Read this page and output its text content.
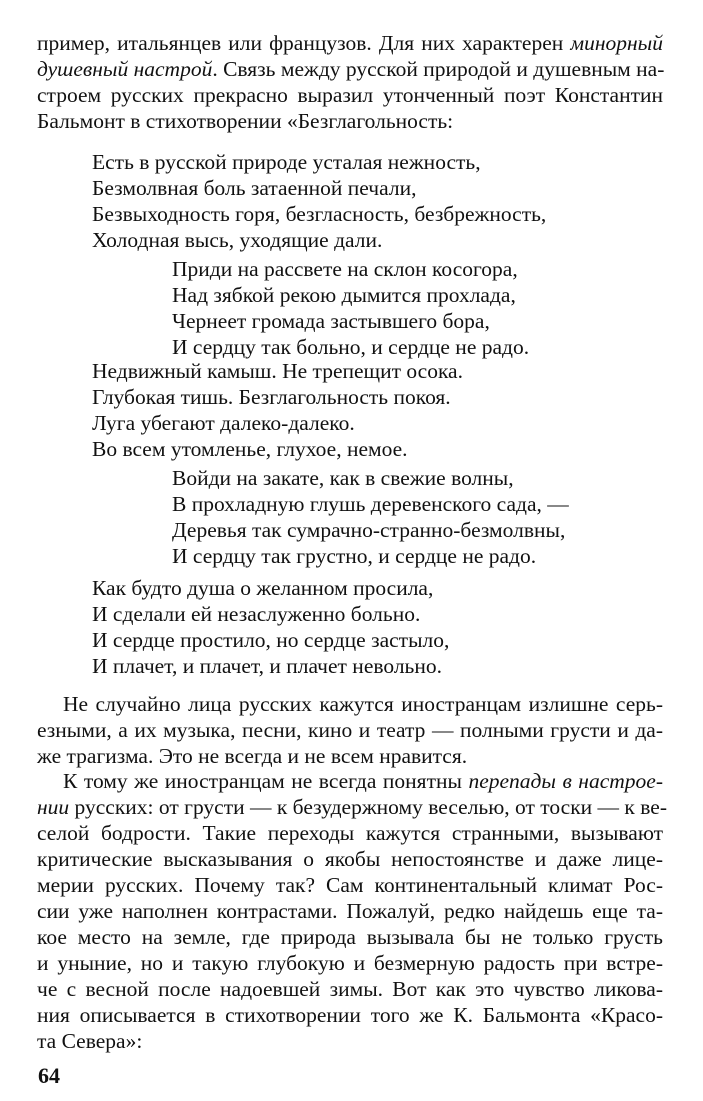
пример, итальянцев или французов. Для них характерен минорный
душевный настрой. Связь между русской природой и душевным на-
строем русских прекрасно выразил утонченный поэт Константин
Бальмонт в стихотворении «Безглагольность:
Есть в русской природе усталая нежность,
Безмолвная боль затаенной печали,
Безвыходность горя, безгласность, безбрежность,
Холодная высь, уходящие дали.
Приди на рассвете на склон косогора,
Над зябкой рекою дымится прохлада,
Чернеет громада застывшего бора,
И сердцу так больно, и сердце не радо.
Недвижный камыш. Не трепещит осока.
Глубокая тишь. Безглагольность покоя.
Луга убегают далеко-далеко.
Во всем утомленье, глухое, немое.
Войди на закате, как в свежие волны,
В прохладную глушь деревенского сада, —
Деревья так сумрачно-странно-безмолвны,
И сердцу так грустно, и сердце не радо.
Как будто душа о желанном просила,
И сделали ей незаслуженно больно.
И сердце простило, но сердце застыло,
И плачет, и плачет, и плачет невольно.
Не случайно лица русских кажутся иностранцам излишне серь-
езными, а их музыка, песни, кино и театр — полными грусти и да-
же трагизма. Это не всегда и не всем нравится.
К тому же иностранцам не всегда понятны перепады в настрое-
нии русских: от грусти — к безудержному веселью, от тоски — к ве-
селой бодрости. Такие переходы кажутся странными, вызывают
критические высказывания о якобы непостоянстве и даже лице-
мерии русских. Почему так? Сам континентальный климат Рос-
сии уже наполнен контрастами. Пожалуй, редко найдешь еще та-
кое место на земле, где природа вызывала бы не только грусть
и уныние, но и такую глубокую и безмерную радость при встре-
че с весной после надоевшей зимы. Вот как это чувство ликова-
ния описывается в стихотворении того же К. Бальмонта «Красо-
та Севера»:
64
